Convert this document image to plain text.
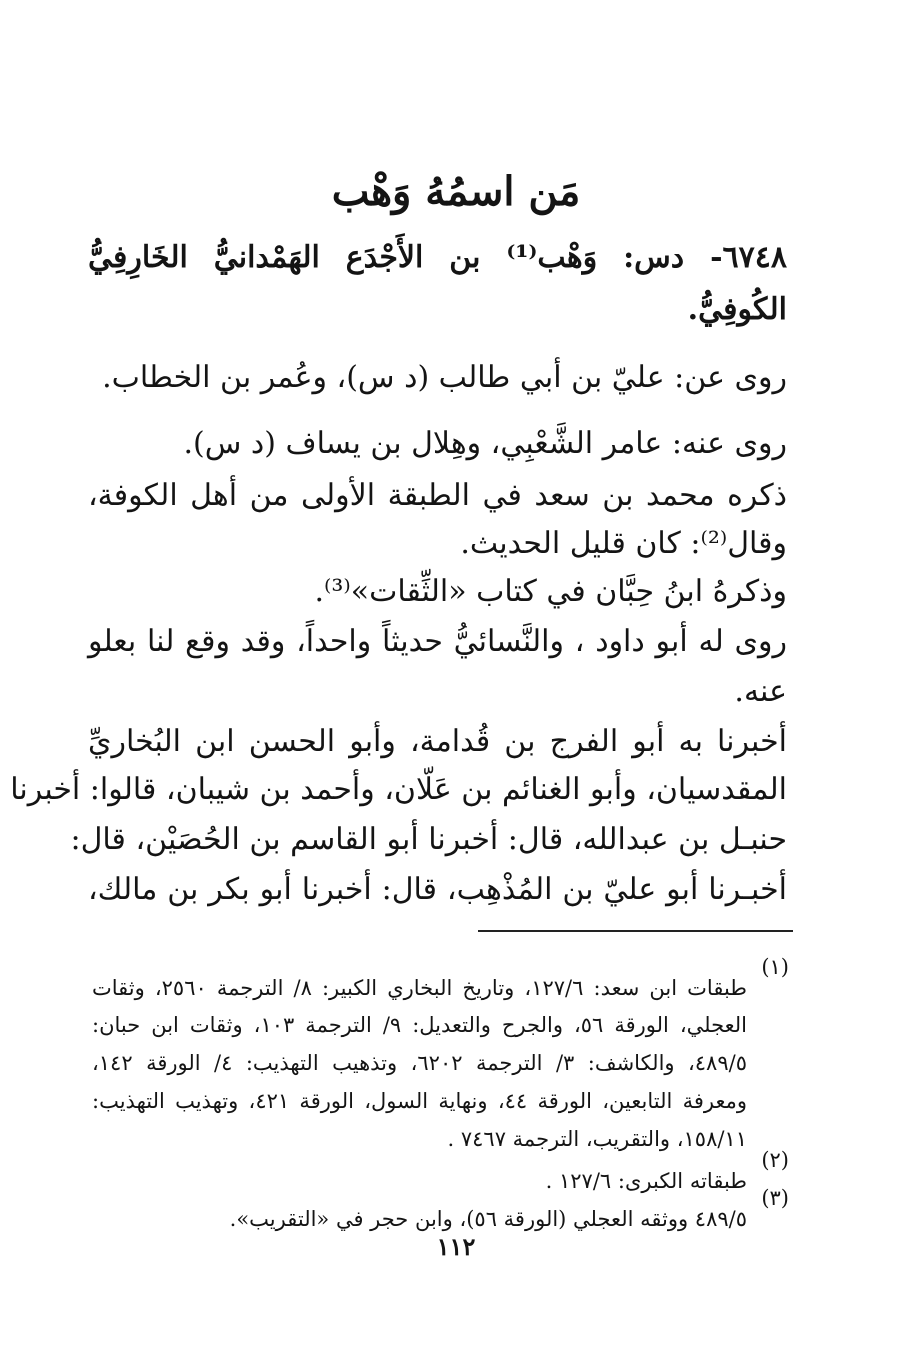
مَن اسمُهُ وَهْب

٦٧٤٨- دس: وَهْب⁽¹⁾ بن الأَجْدَع الهَمْدانيُّ الخَارِفِيُّ

الكُوفِيُّ.

روى عن: عليّ بن أبي طالب (د س)، وعُمر بن الخطاب.

روى عنه: عامر الشَّعْبِي، وهِلال بن يساف (د س).

ذكره محمد بن سعد في الطبقة الأولى من أهل الكوفة،

وقال⁽²⁾: كان قليل الحديث.

وذكرهُ ابنُ حِبَّان في كتاب «الثِّقات»⁽³⁾.

روى له أبو داود ، والنَّسائيُّ حديثاً واحداً، وقد وقع لنا بعلو

عنه.

أخبرنا به أبو الفرج بن قُدامة، وأبو الحسن ابن البُخاريِّ

المقدسيان، وأبو الغنائم بن عَلّان، وأحمد بن شيبان، قالوا: أخبرنا

حنبـل بن عبدالله، قال: أخبرنا أبو القاسم بن الحُصَيْن، قال:

أخبـرنا أبو عليّ بن المُذْهِب، قال: أخبرنا أبو بكر بن مالك،

(١)

طبقات ابن سعد: ١٢٧/٦، وتاريخ البخاري الكبير: ٨/ الترجمة ٢٥٦٠، وثقات

العجلي، الورقة ٥٦، والجرح والتعديل: ٩/ الترجمة ١٠٣، وثقات ابن حبان:

٤٨٩/٥، والكاشف: ٣/ الترجمة ٦٢٠٢، وتذهيب التهذيب: ٤/ الورقة ١٤٢،

ومعرفة التابعين، الورقة ٤٤، ونهاية السول، الورقة ٤٢١، وتهذيب التهذيب:

١٥٨/١١، والتقريب، الترجمة ٧٤٦٧ .

(٢)

طبقاته الكبرى: ١٢٧/٦ .

(٣)

٤٨٩/٥ ووثقه العجلي (الورقة ٥٦)، وابن حجر في «التقريب».

١١٢
